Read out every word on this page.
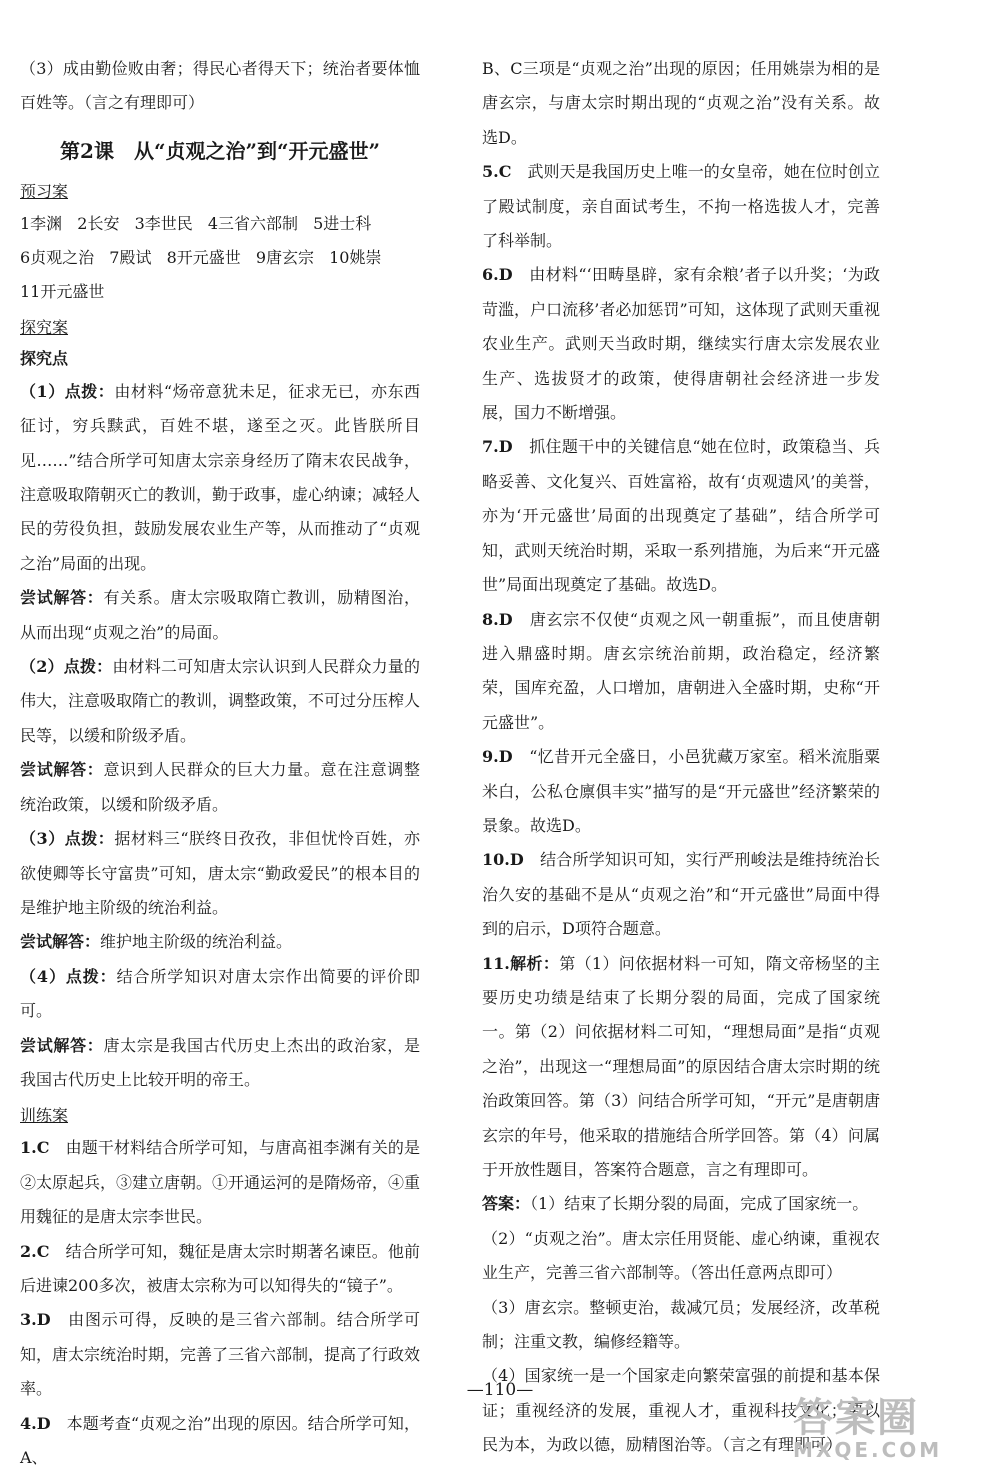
（3）成由勤俭败由奢；得民心者得天下；统治者要体恤百姓等。（言之有理即可）

第2课　从“贞观之治”到“开元盛世”
预习案
1李渊 2长安 3李世民 4三省六部制 5进士科
6贞观之治 7殿试 8开元盛世 9唐玄宗 10姚崇
11开元盛世
探究案
探究点

（1）点拨：由材料“炀帝意犹未足，征求无已，亦东西征讨，穷兵黩武，百姓不堪，遂至之灭。此皆朕所目见……”结合所学可知唐太宗亲身经历了隋末农民战争，注意吸取隋朝灭亡的教训，勤于政事，虚心纳谏；减轻人民的劳役负担，鼓励发展农业生产等，从而推动了“贞观之治”局面的出现。

尝试解答：有关系。唐太宗吸取隋亡教训，励精图治，从而出现“贞观之治”的局面。

（2）点拨：由材料二可知唐太宗认识到人民群众力量的伟大，注意吸取隋亡的教训，调整政策，不可过分压榨人民等，以缓和阶级矛盾。

尝试解答：意识到人民群众的巨大力量。意在注意调整统治政策，以缓和阶级矛盾。

（3）点拨：据材料三“朕终日孜孜，非但忧怜百姓，亦欲使卿等长守富贵”可知，唐太宗“勤政爱民”的根本目的是维护地主阶级的统治利益。

尝试解答：维护地主阶级的统治利益。

（4）点拨：结合所学知识对唐太宗作出简要的评价即可。

尝试解答：唐太宗是我国古代历史上杰出的政治家，是我国古代历史上比较开明的帝王。

训练案

1.C　 由题干材料结合所学可知，与唐高祖李渊有关的是②太原起兵，③建立唐朝。①开通运河的是隋炀帝，④重用魏征的是唐太宗李世民。

2.C　 结合所学可知，魏征是唐太宗时期著名谏臣。他前后进谏200多次，被唐太宗称为可以知得失的“镜子”。

3.D　 由图示可得，反映的是三省六部制。结合所学可知，唐太宗统治时期，完善了三省六部制，提高了行政效率。

4.D　 本题考查“贞观之治”出现的原因。结合所学可知，A、

B、C三项是“贞观之治”出现的原因；任用姚崇为相的是唐玄宗，与唐太宗时期出现的“贞观之治”没有关系。故选D。

5.C　 武则天是我国历史上唯一的女皇帝，她在位时创立了殿试制度，亲自面试考生，不拘一格选拔人才，完善了科举制。

6.D　 由材料“‘田畴垦辟，家有余粮’者子以升奖；‘为政苛滥，户口流移’者必加惩罚”可知，这体现了武则天重视农业生产。武则天当政时期，继续实行唐太宗发展农业生产、选拔贤才的政策，使得唐朝社会经济进一步发展，国力不断增强。

7.D　 抓住题干中的关键信息“她在位时，政策稳当、兵略妥善、文化复兴、百姓富裕，故有‘贞观遗风’的美誉，亦为‘开元盛世’局面的出现奠定了基础”，结合所学可知，武则天统治时期，采取一系列措施，为后来“开元盛世”局面出现奠定了基础。故选D。

8.D　 唐玄宗不仅使“贞观之风一朝重振”，而且使唐朝进入鼎盛时期。唐玄宗统治前期，政治稳定，经济繁荣，国库充盈，人口增加，唐朝进入全盛时期，史称“开元盛世”。

9.D　 “忆昔开元全盛日，小邑犹藏万家室。稻米流脂粟米白，公私仓廪俱丰实”描写的是“开元盛世”经济繁荣的景象。故选D。

10.D　 结合所学知识可知，实行严刑峻法是维持统治长治久安的基础不是从“贞观之治”和“开元盛世”局面中得到的启示，D项符合题意。

11.解析：第（1）问依据材料一可知，隋文帝杨坚的主要历史功绩是结束了长期分裂的局面，完成了国家统一。第（2）问依据材料二可知，“理想局面”是指“贞观之治”，出现这一“理想局面”的原因结合唐太宗时期的统治政策回答。第（3）问结合所学可知，“开元”是唐朝唐玄宗的年号，他采取的措施结合所学回答。第（4）问属于开放性题目，答案符合题意，言之有理即可。

答案：（1）结束了长期分裂的局面，完成了国家统一。

（2）“贞观之治”。唐太宗任用贤能、虚心纳谏，重视农业生产，完善三省六部制等。（答出任意两点即可）

（3）唐玄宗。整顿吏治，裁减冗员；发展经济，改革税制；注重文教，编修经籍等。

（4）国家统一是一个国家走向繁荣富强的前提和基本保证；重视经济的发展，重视人才，重视科技文化；要以民为本，为政以德，励精图治等。（言之有理即可）

—110—
答案圈
MXQE.COM
